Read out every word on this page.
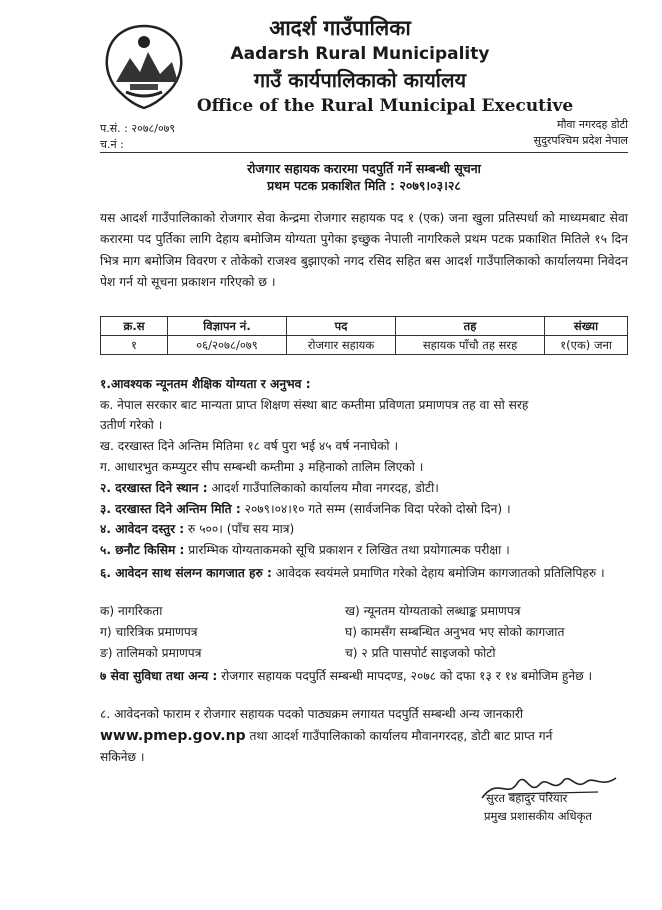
आदर्श गाउँपालिका
Aadarsh Rural Municipality
गाउँ कार्यपालिकाको कार्यालय
Office of the Rural Municipal Executive
प.सं. : २०७८/०७९
च.नं :
मौवा नगरदह डोटी
सुदुरपश्चिम प्रदेश नेपाल
रोजगार सहायक करारमा पदपुर्ति गर्ने सम्बन्धी सूचना
प्रथम पटक प्रकाशित मिति : २०७९।०३।२८
यस आदर्श गाउँपालिकाको रोजगार सेवा केन्द्रमा रोजगार सहायक पद १ (एक) जना खुला प्रतिस्पर्धा को माध्यमबाट सेवा करारमा पद पुर्तिका लागि देहाय बमोजिम योग्यता पुगेका इच्छुक नेपाली नागरिकले प्रथम पटक प्रकाशित मितिले १५ दिन भित्र माग बमोजिम विवरण र तोकेको राजश्व बुझाएको नगद रसिद सहित बस आदर्श गाउँपालिकाको कार्यालयमा निवेदन पेश गर्न यो सूचना प्रकाशन गरिएको छ ।
क्र.स	विज्ञापन नं.	पद	तह	संख्या
१	०६/२०७८/०७९	रोजगार सहायक	सहायक पाँचौ तह सरह	१(एक) जना
१.आवश्यक न्यूनतम शैक्षिक योग्यता र अनुभव :
क. नेपाल सरकार बाट मान्यता प्राप्त शिक्षण संस्था बाट कम्तीमा प्रविणता प्रमाणपत्र तह वा सो सरह
उतीर्ण गरेको ।
ख. दरखास्त दिने अन्तिम मितिमा १८ वर्ष पुरा भई ४५ वर्ष ननाघेको ।
ग. आधारभुत कम्प्युटर सीप सम्बन्धी कम्तीमा ३ महिनाको तालिम लिएको ।
२. दरखास्त दिने स्थान : आदर्श गाउँपालिकाको कार्यालय मौवा नगरदह, डोटी।
३. दरखास्त दिने अन्तिम मिति : २०७९।०४।१० गते सम्म (सार्वजनिक विदा परेको दोस्रो दिन) ।
४. आवेदन दस्तुर : रु ५००। (पाँच सय मात्र)
५. छनौट किसिम : प्रारम्भिक योग्यताकमको सूचि प्रकाशन र लिखित तथा प्रयोगात्मक परीक्षा ।
६. आवेदन साथ संलग्न कागजात हरु : आवेदक स्वयंमले प्रमाणित गरेको देहाय बमोजिम कागजातको प्रतिलिपिहरु ।
क) नागरिकता	ख) न्यूनतम योग्यताको लब्धाङ्क प्रमाणपत्र
ग) चारित्रिक प्रमाणपत्र	घ) कामसँग सम्बन्धित अनुभव भए सोको कागजात
ङ) तालिमको प्रमाणपत्र	च) २ प्रति पासपोर्ट साइजको फोटो
७ सेवा सुविधा तथा अन्य : रोजगार सहायक पदपुर्ति सम्बन्धी मापदण्ड, २०७८ को दफा १३ र १४ बमोजिम हुनेछ ।
८. आवेदनको फाराम र रोजगार सहायक पदको पाठ्यक्रम लगायत पदपुर्ति सम्बन्धी अन्य जानकारी
www.pmep.gov.np तथा आदर्श गाउँपालिकाको कार्यालय मौवानगरदह, डोटी बाट प्राप्त गर्न
सकिनेछ ।
सुरत बहादुर परियार
प्रमुख प्रशासकीय अधिकृत
